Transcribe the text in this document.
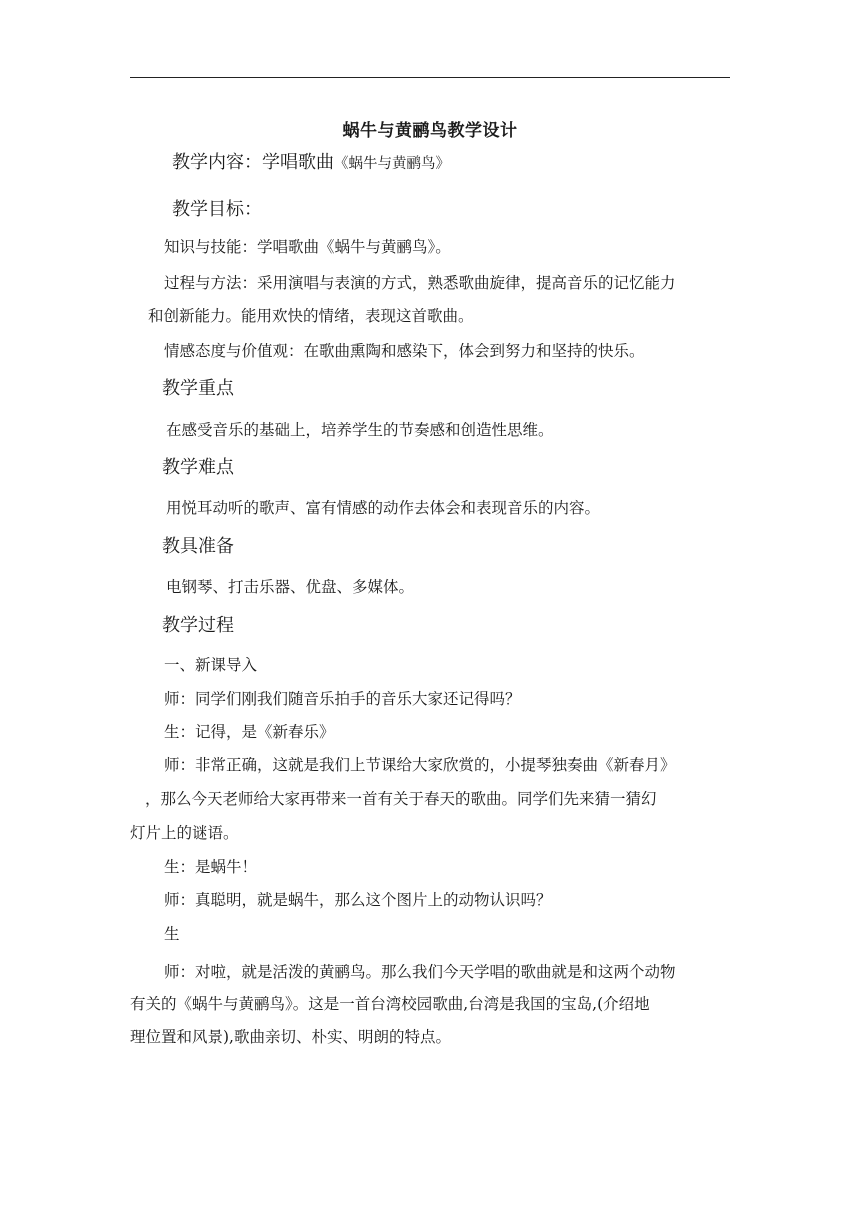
蜗牛与黄鹂鸟教学设计
教学内容：学唱歌曲《蜗牛与黄鹂鸟》
教学目标：
知识与技能：学唱歌曲《蜗牛与黄鹂鸟》。
过程与方法：采用演唱与表演的方式，熟悉歌曲旋律，提高音乐的记忆能力
和创新能力。能用欢快的情绪，表现这首歌曲。
情感态度与价值观：在歌曲熏陶和感染下，体会到努力和坚持的快乐。
教学重点
在感受音乐的基础上，培养学生的节奏感和创造性思维。
教学难点
用悦耳动听的歌声、富有情感的动作去体会和表现音乐的内容。
教具准备
电钢琴、打击乐器、优盘、多媒体。
教学过程
一、新课导入
师：同学们刚我们随音乐拍手的音乐大家还记得吗？
生：记得，是《新春乐》
师：非常正确，这就是我们上节课给大家欣赏的，小提琴独奏曲《新春月》
，那么今天老师给大家再带来一首有关于春天的歌曲。同学们先来猜一猜幻
灯片上的谜语。
生：是蜗牛！
师：真聪明，就是蜗牛，那么这个图片上的动物认识吗？
生
师：对啦，就是活泼的黄鹂鸟。那么我们今天学唱的歌曲就是和这两个动物
有关的《蜗牛与黄鹂鸟》。这是一首台湾校园歌曲,台湾是我国的宝岛,(介绍地
理位置和风景),歌曲亲切、朴实、明朗的特点。
